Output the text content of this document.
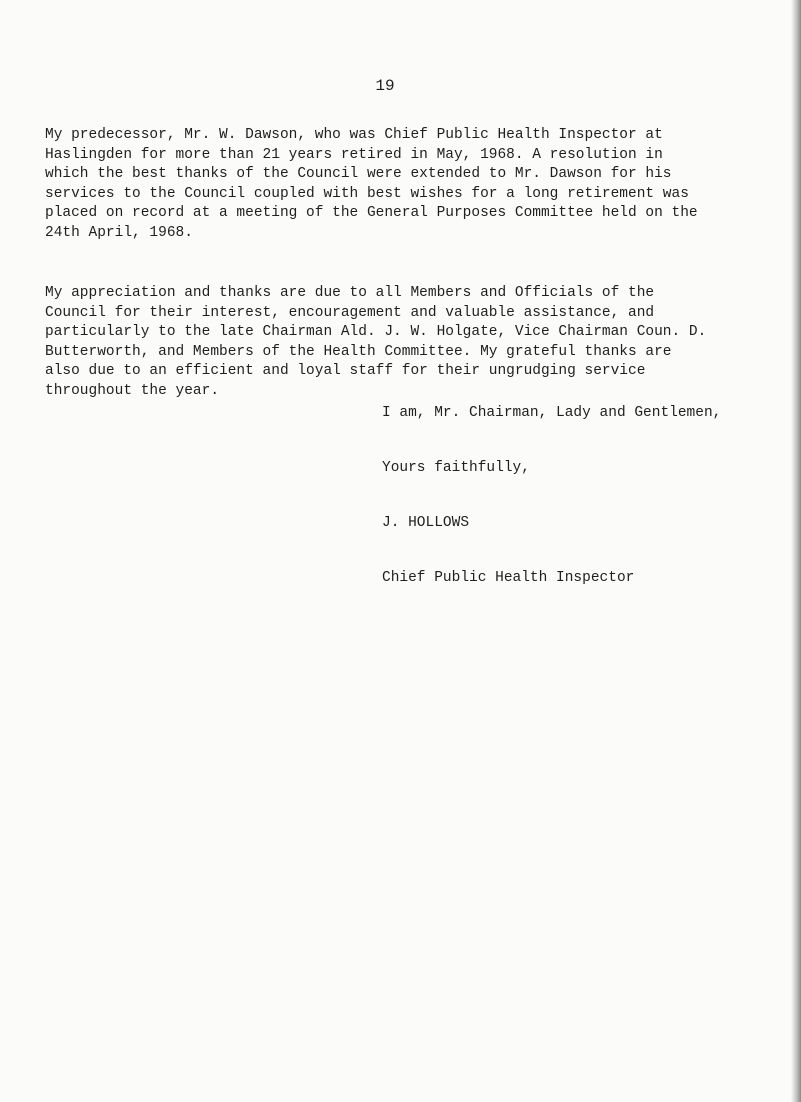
19

My predecessor, Mr. W. Dawson, who was Chief Public Health Inspector at
Haslingden for more than 21 years retired in May, 1968. A resolution in
which the best thanks of the Council were extended to Mr. Dawson for his
services to the Council coupled with best wishes for a long retirement was
placed on record at a meeting of the General Purposes Committee held on the
24th April, 1968.

My appreciation and thanks are due to all Members and Officials of the
Council for their interest, encouragement and valuable assistance, and
particularly to the late Chairman Ald. J. W. Holgate, Vice Chairman Coun. D.
Butterworth, and Members of the Health Committee. My grateful thanks are
also due to an efficient and loyal staff for their ungrudging service
throughout the year.

I am, Mr. Chairman, Lady and Gentlemen,
Yours faithfully,
J. HOLLOWS
Chief Public Health Inspector
